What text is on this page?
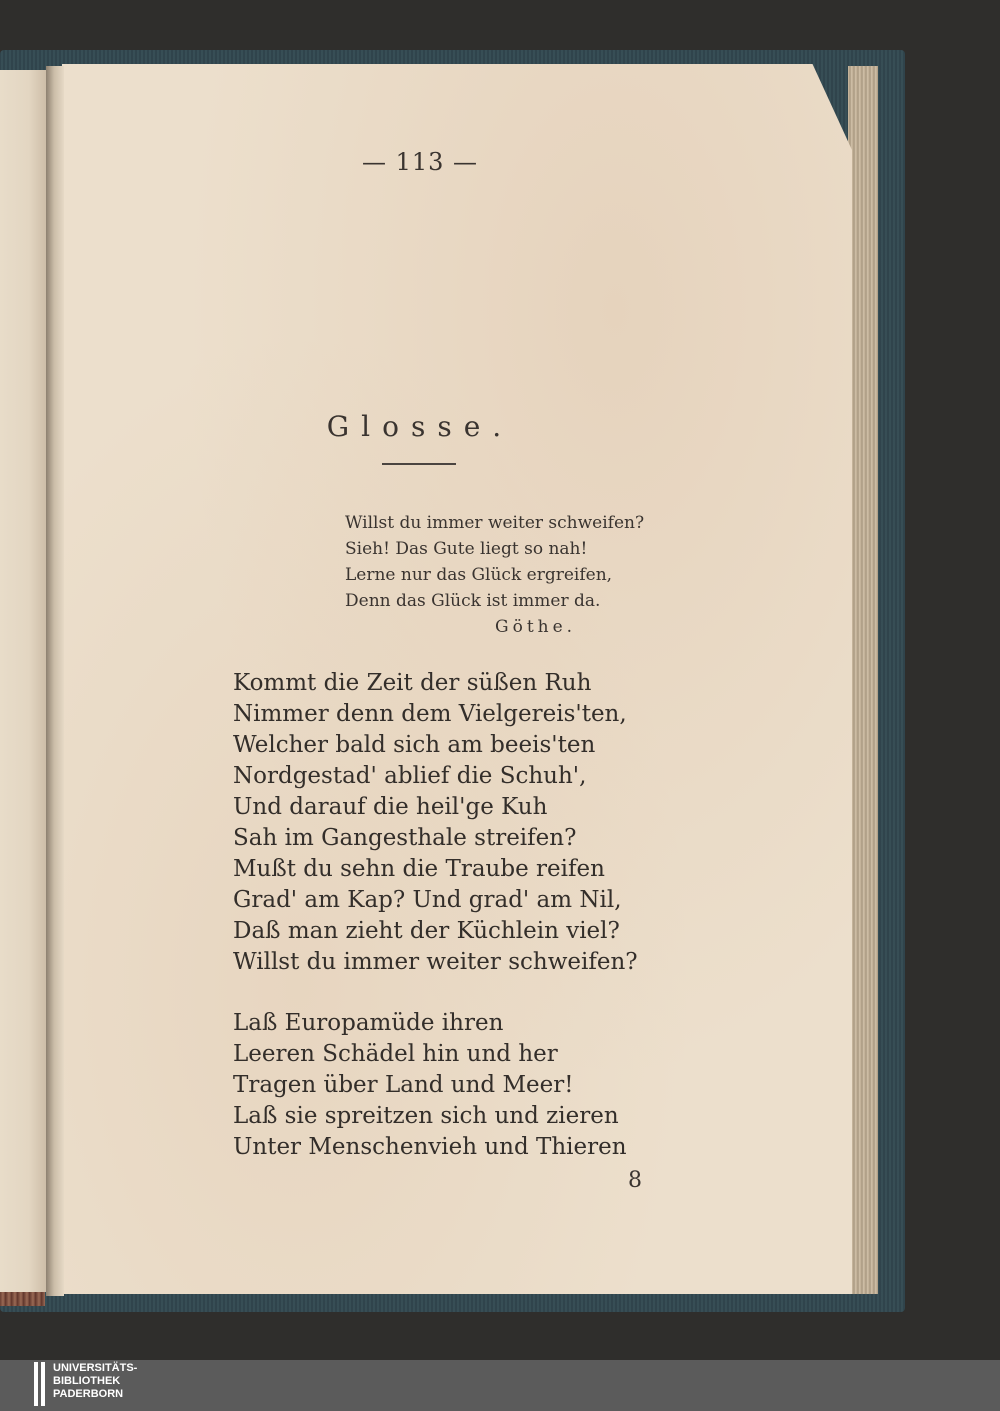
— 113 —
Glosse.
Willst du immer weiter schweifen?
Sieh! Das Gute liegt so nah!
Lerne nur das Glück ergreifen,
Denn das Glück ist immer da.
Göthe.
Kommt die Zeit der süßen Ruh
Nimmer denn dem Vielgereis'ten,
Welcher bald sich am beeis'ten
Nordgestad' ablief die Schuh',
Und darauf die heil'ge Kuh
Sah im Gangesthale streifen?
Mußt du sehn die Traube reifen
Grad' am Kap? Und grad' am Nil,
Daß man zieht der Küchlein viel?
Willst du immer weiter schweifen?
Laß Europamüde ihren
Leeren Schädel hin und her
Tragen über Land und Meer!
Laß sie spreitzen sich und zieren
Unter Menschenvieh und Thieren
8
UNIVERSITÄTS-
BIBLIOTHEK
PADERBORN
